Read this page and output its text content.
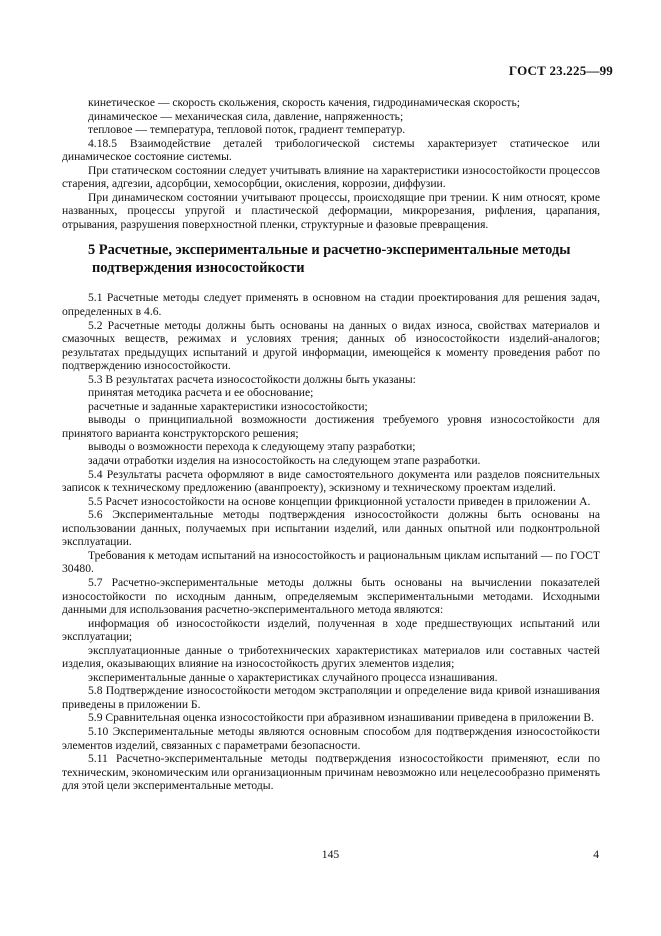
ГОСТ 23.225—99

кинетическое — скорость скольжения, скорость качения, гидродинамическая скорость;

динамическое — механическая сила, давление, напряженность;

тепловое — температура, тепловой поток, градиент температур.

4.18.5 Взаимодействие деталей трибологической системы характеризует статическое или динамическое состояние системы.

При статическом состоянии следует учитывать влияние на характеристики износостойкости процессов старения, адгезии, адсорбции, хемосорбции, окисления, коррозии, диффузии.

При динамическом состоянии учитывают процессы, происходящие при трении. К ним относят, кроме названных, процессы упругой и пластической деформации, микрорезания, рифления, царапания, отрывания, разрушения поверхностной пленки, структурные и фазовые превращения.

5 Расчетные, экспериментальные и расчетно-экспериментальные методы
подтверждения износостойкости

5.1 Расчетные методы следует применять в основном на стадии проектирования для решения задач, определенных в 4.6.

5.2 Расчетные методы должны быть основаны на данных о видах износа, свойствах материалов и смазочных веществ, режимах и условиях трения; данных об износостойкости изделий-аналогов; результатах предыдущих испытаний и другой информации, имеющейся к моменту проведения работ по подтверждению износостойкости.

5.3 В результатах расчета износостойкости должны быть указаны:

принятая методика расчета и ее обоснование;

расчетные и заданные характеристики износостойкости;

выводы о принципиальной возможности достижения требуемого уровня износостойкости для принятого варианта конструкторского решения;

выводы о возможности перехода к следующему этапу разработки;

задачи отработки изделия на износостойкость на следующем этапе разработки.

5.4 Результаты расчета оформляют в виде самостоятельного документа или разделов пояснительных записок к техническому предложению (аванпроекту), эскизному и техническому проектам изделий.

5.5 Расчет износостойкости на основе концепции фрикционной усталости приведен в приложении А.

5.6 Экспериментальные методы подтверждения износостойкости должны быть основаны на использовании данных, получаемых при испытании изделий, или данных опытной или подконтрольной эксплуатации.

Требования к методам испытаний на износостойкость и рациональным циклам испытаний — по ГОСТ 30480.

5.7 Расчетно-экспериментальные методы должны быть основаны на вычислении показателей износостойкости по исходным данным, определяемым экспериментальными методами. Исходными данными для использования расчетно-экспериментального метода являются:

информация об износостойкости изделий, полученная в ходе предшествующих испытаний или эксплуатации;

эксплуатационные данные о триботехнических характеристиках материалов или составных частей изделия, оказывающих влияние на износостойкость других элементов изделия;

экспериментальные данные о характеристиках случайного процесса изнашивания.

5.8 Подтверждение износостойкости методом экстраполяции и определение вида кривой изнашивания приведены в приложении Б.

5.9 Сравнительная оценка износостойкости при абразивном изнашивании приведена в приложении В.

5.10 Экспериментальные методы являются основным способом для подтверждения износостойкости элементов изделий, связанных с параметрами безопасности.

5.11 Расчетно-экспериментальные методы подтверждения износостойкости применяют, если по техническим, экономическим или организационным причинам невозможно или нецелесообразно применять для этой цели экспериментальные методы.

145	4
